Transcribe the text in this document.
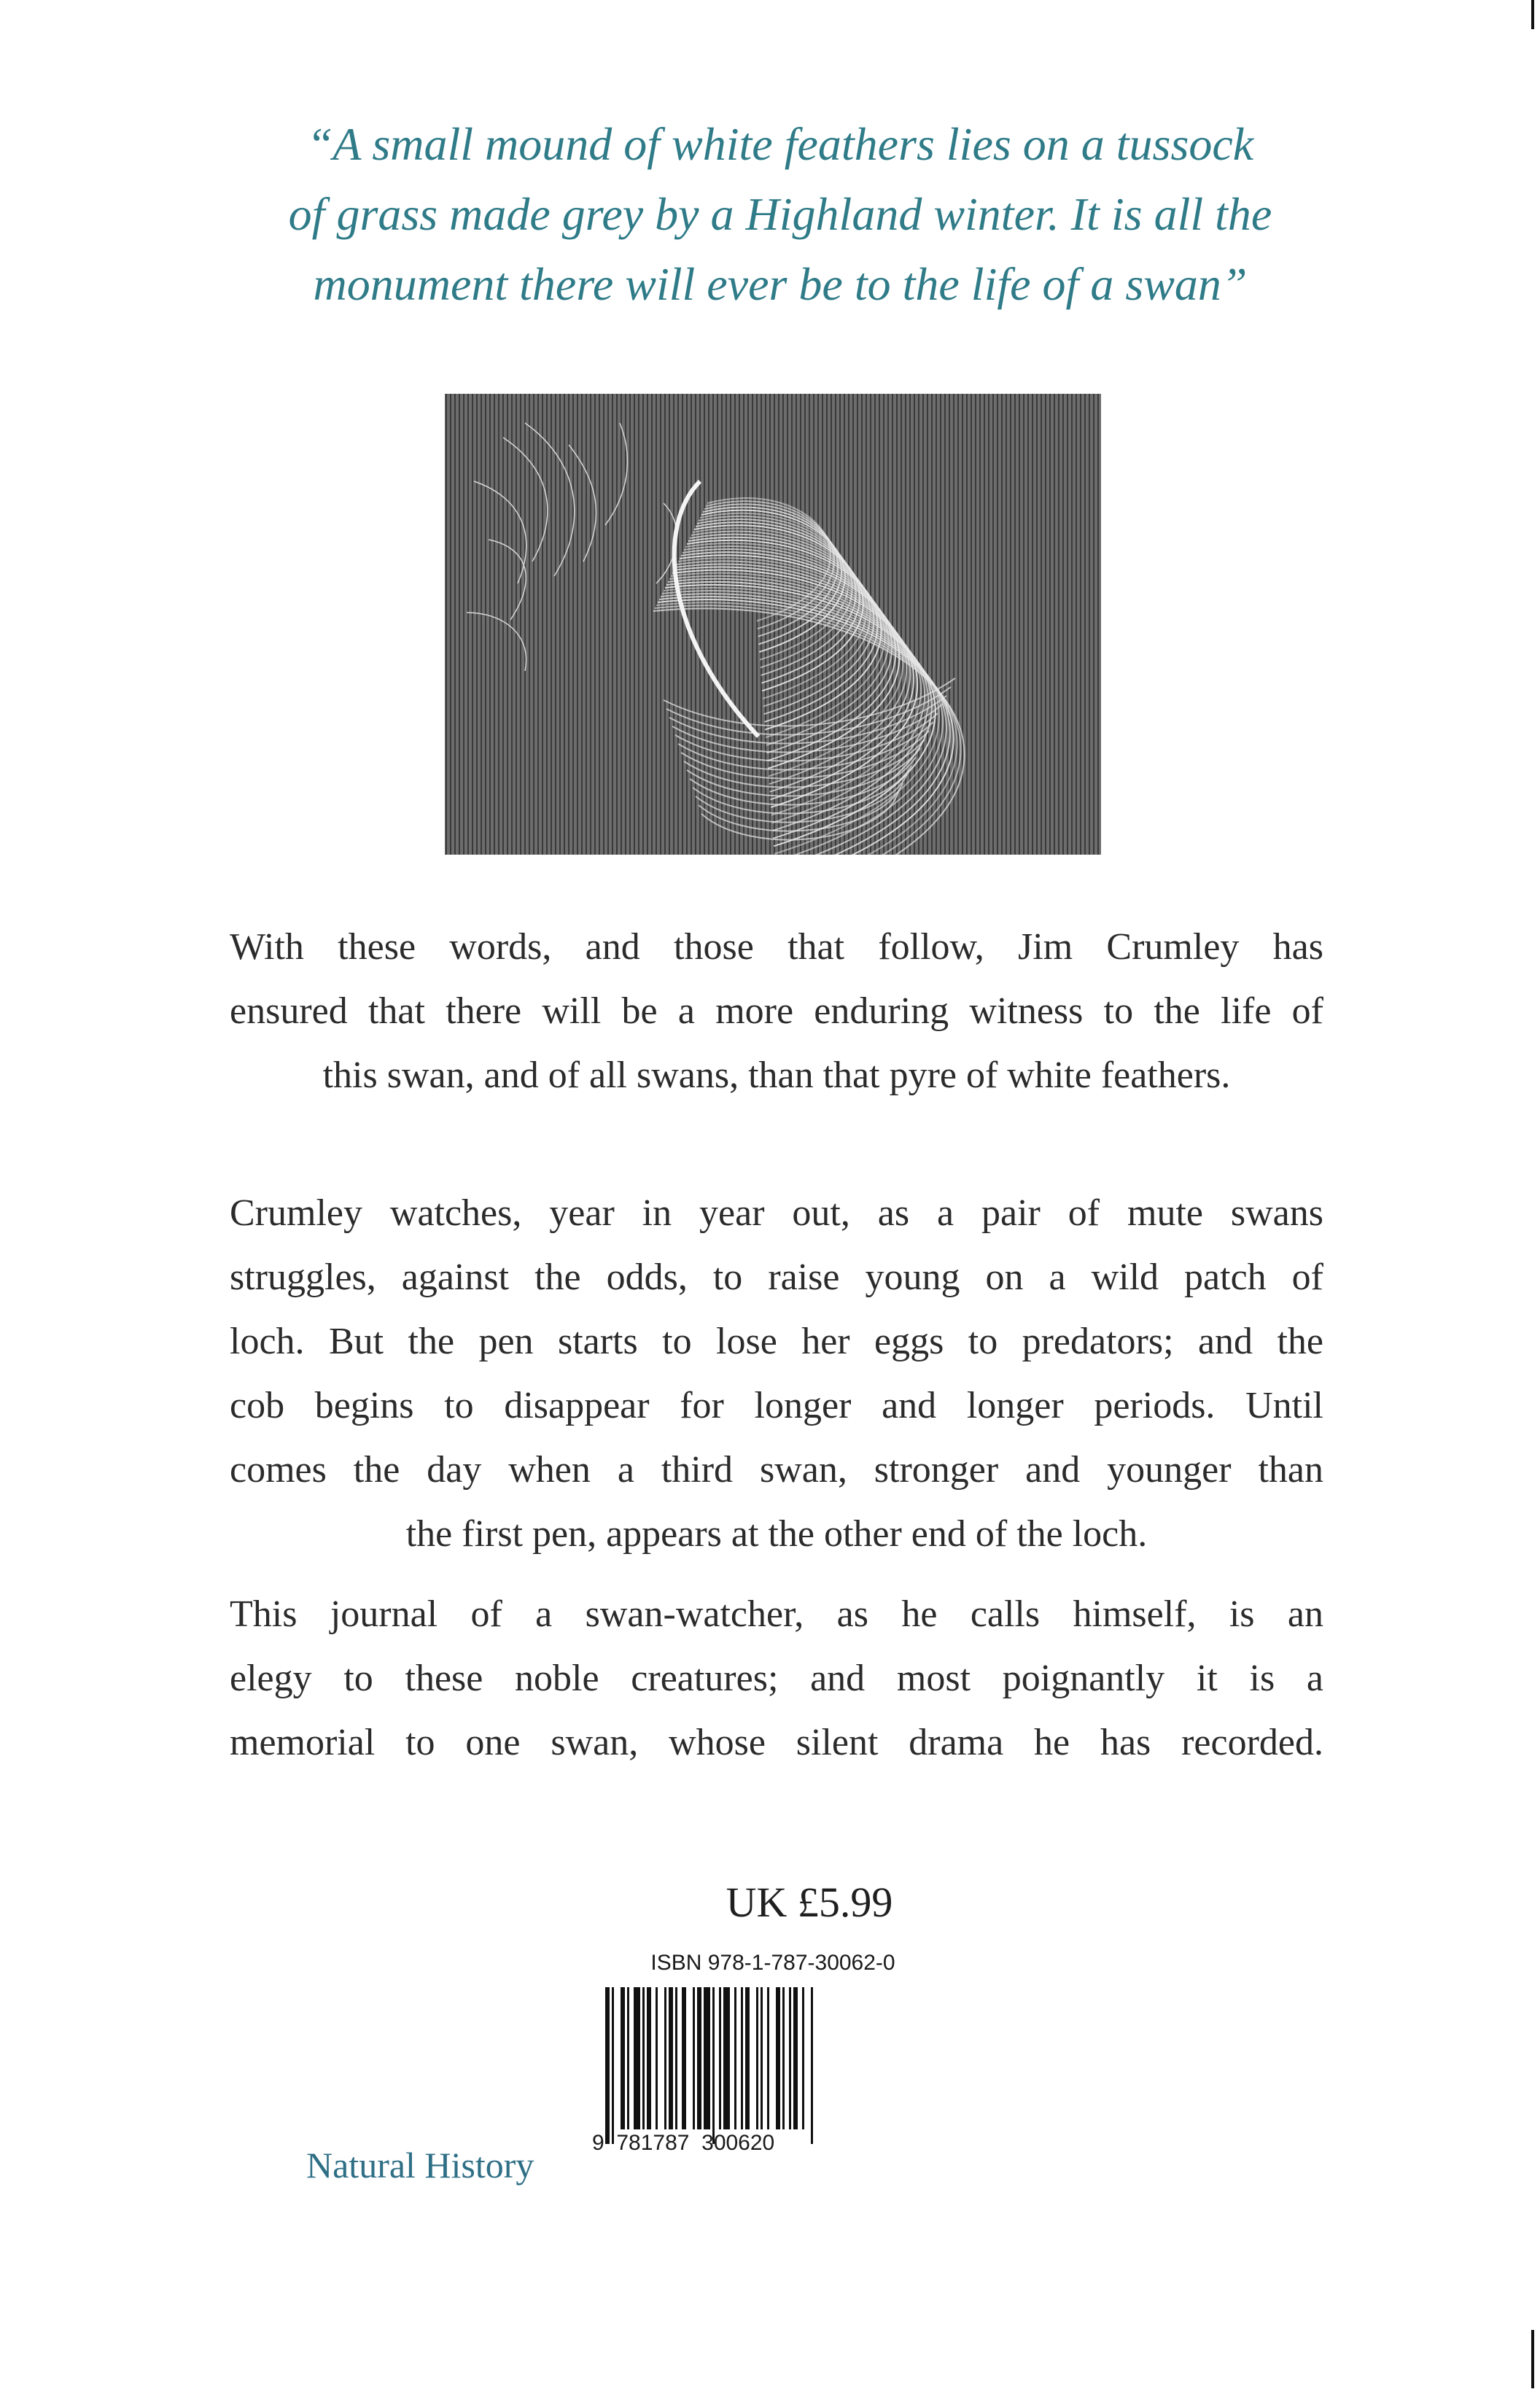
“A small mound of white feathers lies on a tussock
of grass made grey by a Highland winter. It is all the
monument there will ever be to the life of a swan”
With these words, and those that follow, Jim Crumley has
ensured that there will be a more enduring witness to the life of
this swan, and of all swans, than that pyre of white feathers.
Crumley watches, year in year out, as a pair of mute swans
struggles, against the odds, to raise young on a wild patch of
loch. But the pen starts to lose her eggs to predators; and the
cob begins to disappear for longer and longer periods. Until
comes the day when a third swan, stronger and younger than
the first pen, appears at the other end of the loch.
This journal of a swan-watcher, as he calls himself, is an
elegy to these noble creatures; and most poignantly it is a
memorial to one swan, whose silent drama he has recorded.
UK £5.99
ISBN 978-1-787-30062-0
9  781787  300620
Natural History
